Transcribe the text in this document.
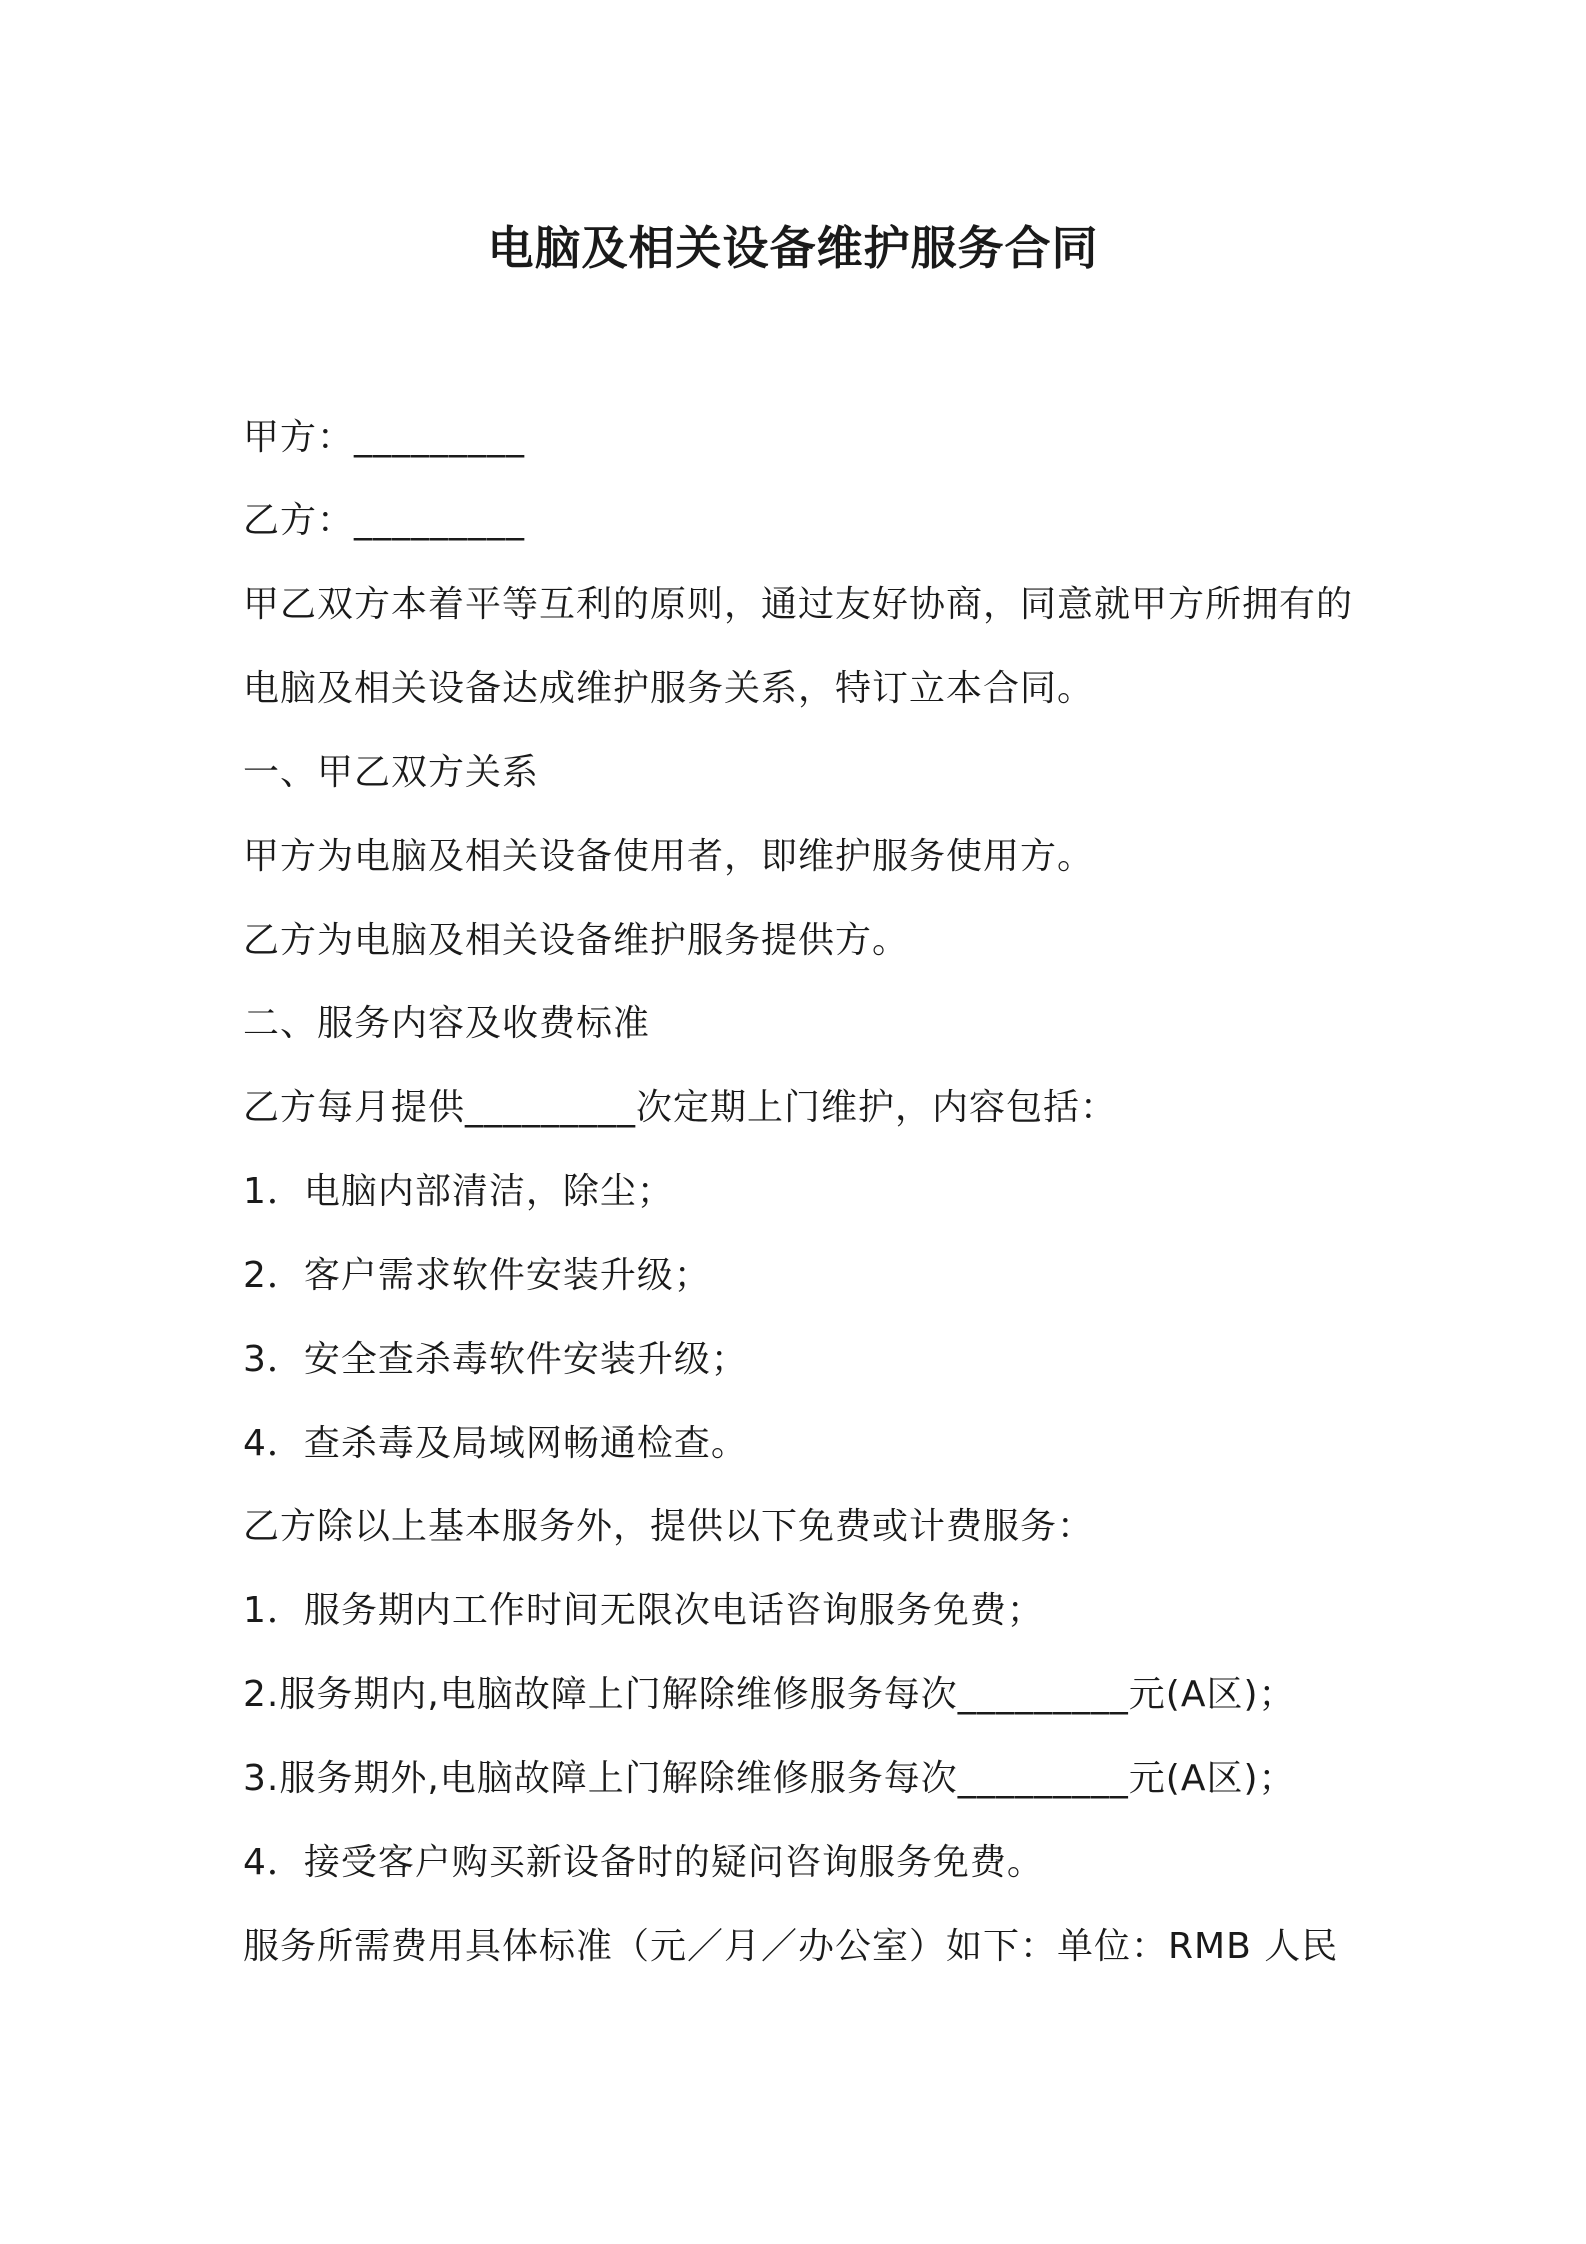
电脑及相关设备维护服务合同
甲方：_________
乙方：_________
甲乙双方本着平等互利的原则，通过友好协商，同意就甲方所拥有的
电脑及相关设备达成维护服务关系，特订立本合同。
一、甲乙双方关系
甲方为电脑及相关设备使用者，即维护服务使用方。
乙方为电脑及相关设备维护服务提供方。
二、服务内容及收费标准
乙方每月提供_________次定期上门维护，内容包括：
1．电脑内部清洁，除尘；
2．客户需求软件安装升级；
3．安全查杀毒软件安装升级；
4．查杀毒及局域网畅通检查。
乙方除以上基本服务外，提供以下免费或计费服务：
1．服务期内工作时间无限次电话咨询服务免费；
2.服务期内,电脑故障上门解除维修服务每次_________元(A区)；
3.服务期外,电脑故障上门解除维修服务每次_________元(A区)；
4．接受客户购买新设备时的疑问咨询服务免费。
服务所需费用具体标准（元／月／办公室）如下：单位：RMB 人民
